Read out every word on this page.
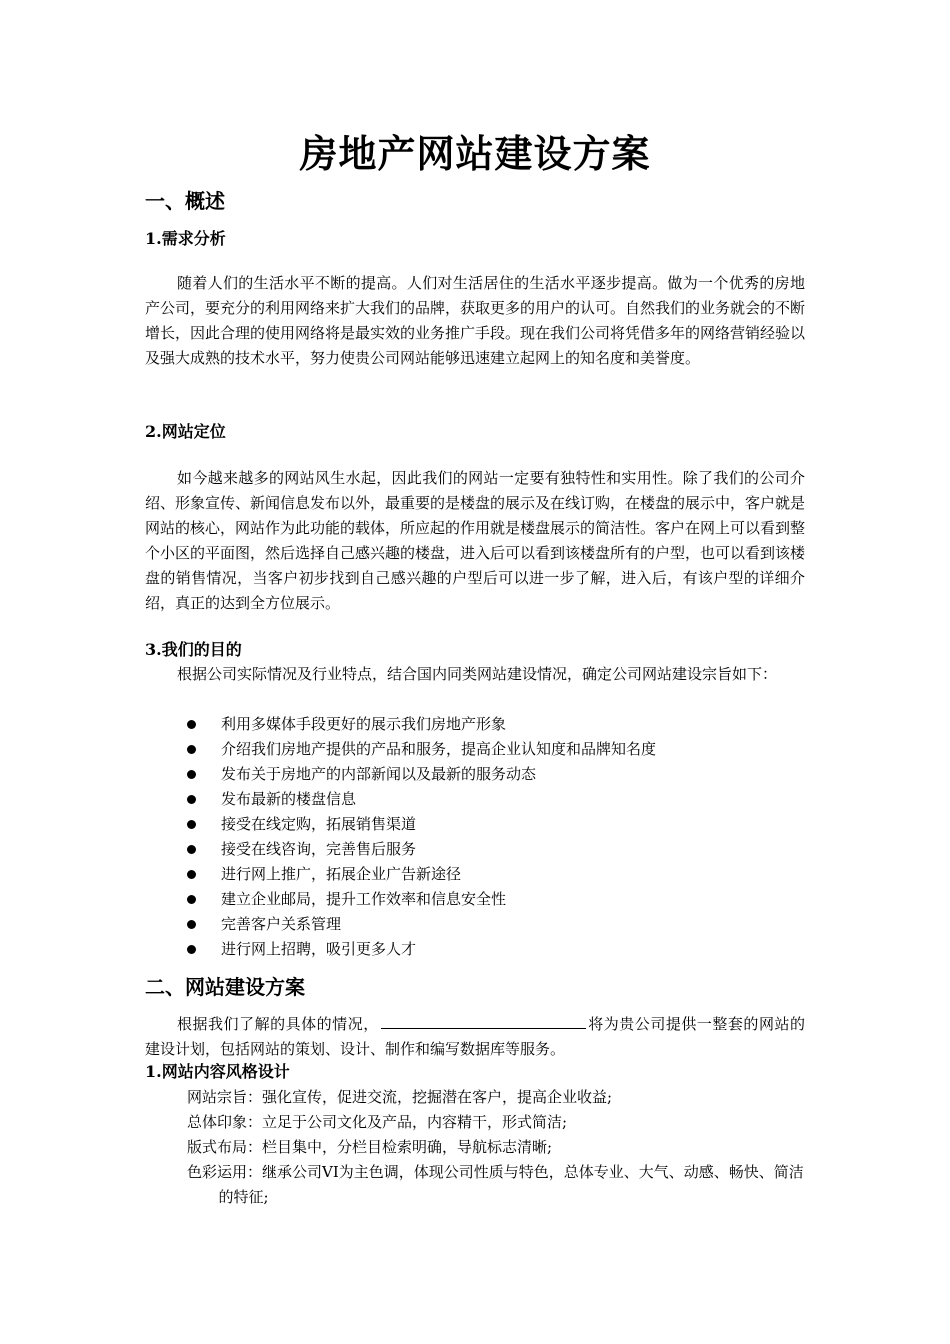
房地产网站建设方案
一、概述
1.需求分析

随着人们的生活水平不断的提高。人们对生活居住的生活水平逐步提高。做为一个优秀的房地产公司，要充分的利用网络来扩大我们的品牌，获取更多的用户的认可。自然我们的业务就会的不断增长，因此合理的使用网络将是最实效的业务推广手段。现在我们公司将凭借多年的网络营销经验以及强大成熟的技术水平，努力使贵公司网站能够迅速建立起网上的知名度和美誉度。

2.网站定位

如今越来越多的网站风生水起，因此我们的网站一定要有独特性和实用性。除了我们的公司介绍、形象宣传、新闻信息发布以外，最重要的是楼盘的展示及在线订购，在楼盘的展示中，客户就是网站的核心，网站作为此功能的载体，所应起的作用就是楼盘展示的简洁性。客户在网上可以看到整个小区的平面图，然后选择自己感兴趣的楼盘，进入后可以看到该楼盘所有的户型，也可以看到该楼盘的销售情况，当客户初步找到自己感兴趣的户型后可以进一步了解，进入后，有该户型的详细介绍，真正的达到全方位展示。

3.我们的目的

根据公司实际情况及行业特点，结合国内同类网站建设情况，确定公司网站建设宗旨如下：

利用多媒体手段更好的展示我们房地产形象
介绍我们房地产提供的产品和服务，提高企业认知度和品牌知名度
发布关于房地产的内部新闻以及最新的服务动态
发布最新的楼盘信息
接受在线定购，拓展销售渠道
接受在线咨询，完善售后服务
进行网上推广，拓展企业广告新途径
建立企业邮局，提升工作效率和信息安全性
完善客户关系管理
进行网上招聘，吸引更多人才
二、网站建设方案

根据我们了解的具体的情况，	将为贵公司提供一整套的网站的建设计划，包括网站的策划、设计、制作和编写数据库等服务。

1.网站内容风格设计
网站宗旨：强化宣传，促进交流，挖掘潜在客户，提高企业收益;
总体印象：立足于公司文化及产品，内容精干，形式简洁;
版式布局：栏目集中，分栏目检索明确，导航标志清晰;
色彩运用：继承公司VI为主色调，体现公司性质与特色，总体专业、大气、动感、畅快、简洁的特征;
